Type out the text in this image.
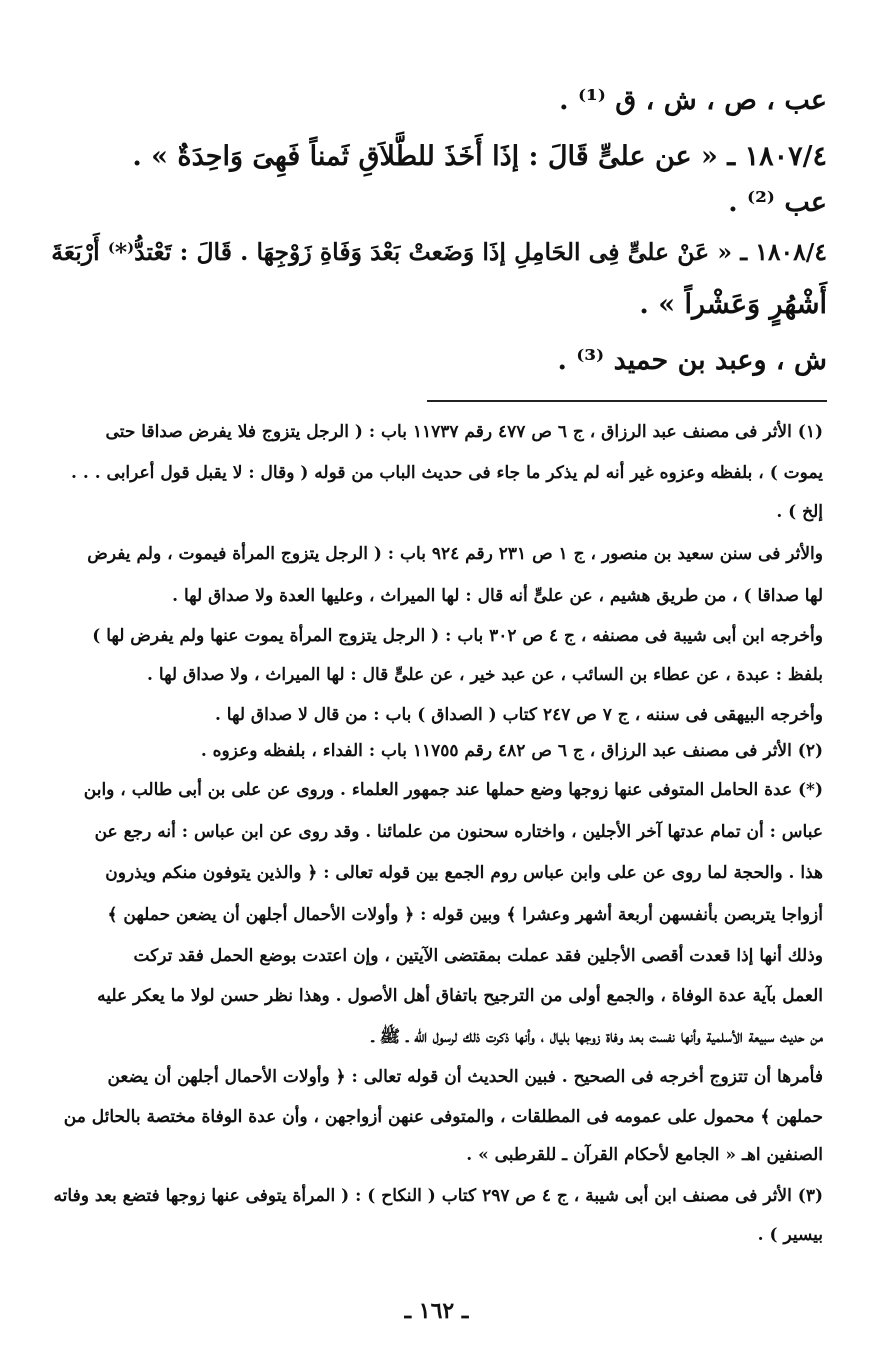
عب ، ص ، ش ، ق ⁽¹⁾ .
١٨٠٧/٤ ـ « عن علىٍّ قَالَ : إذَا أَخَذَ للطَّلاَقِ ثَمناً فَهِىَ وَاحِدَةٌ » .
عب ⁽²⁾ .
١٨٠٨/٤ ـ « عَنْ علىٍّ فِى الحَامِلِ إذَا وَضَعتْ بَعْدَ وَفَاةِ زَوْجِهَا . قَالَ : تَعْتدُّ⁽*⁾ أَرْبَعَةَ
أَشْهُرٍ وَعَشْراً » .
ش ، وعبد بن حميد ⁽³⁾ .
(١) الأثر فى مصنف عبد الرزاق ، ج ٦ ص ٤٧٧ رقم ١١٧٣٧ باب : ( الرجل يتزوج فلا يفرض صداقا حتى
يموت ) ، بلفظه وعزوه غير أنه لم يذكر ما جاء فى حديث الباب من قوله ( وقال : لا يقبل قول أعرابى . . .
إلخ ) .
والأثر فى سنن سعيد بن منصور ، ج ١ ص ٢٣١ رقم ٩٢٤ باب : ( الرجل يتزوج المرأة فيموت ، ولم يفرض
لها صداقا ) ، من طريق هشيم ، عن علىٍّ أنه قال : لها الميراث ، وعليها العدة ولا صداق لها .
وأخرجه ابن أبى شيبة فى مصنفه ، ج ٤ ص ٣٠٢ باب : ( الرجل يتزوج المرأة يموت عنها ولم يفرض لها )
بلفظ : عبدة ، عن عطاء بن السائب ، عن عبد خير ، عن علىٍّ قال : لها الميراث ، ولا صداق لها .
وأخرجه البيهقى فى سننه ، ج ٧ ص ٢٤٧ كتاب ( الصداق ) باب : من قال لا صداق لها .
(٢) الأثر فى مصنف عبد الرزاق ، ج ٦ ص ٤٨٢ رقم ١١٧٥٥ باب : الفداء ، بلفظه وعزوه .
(*) عدة الحامل المتوفى عنها زوجها وضع حملها عند جمهور العلماء . وروى عن على بن أبى طالب ، وابن
عباس : أن تمام عدتها آخر الأجلين ، واختاره سحنون من علمائنا . وقد روى عن ابن عباس : أنه رجع عن
هذا . والحجة لما روى عن على وابن عباس روم الجمع بين قوله تعالى : ﴿ والذين يتوفون منكم ويذرون
أزواجا يتربصن بأنفسهن أربعة أشهر وعشرا ﴾ وبين قوله : ﴿ وأولات الأحمال أجلهن أن يضعن حملهن ﴾
وذلك أنها إذا قعدت أقصى الأجلين فقد عملت بمقتضى الآيتين ، وإن اعتدت بوضع الحمل فقد تركت
العمل بآية عدة الوفاة ، والجمع أولى من الترجيح باتفاق أهل الأصول . وهذا نظر حسن لولا ما يعكر عليه
من حديث سبيعة الأسلمية وأنها نفست بعد وفاة زوجها بليال ، وأنها ذكرت ذلك لرسول الله ـ ﷺ ـ
فأمرها أن تتزوج أخرجه فى الصحيح . فبين الحديث أن قوله تعالى : ﴿ وأولات الأحمال أجلهن أن يضعن
حملهن ﴾ محمول على عمومه فى المطلقات ، والمتوفى عنهن أزواجهن ، وأن عدة الوفاة مختصة بالحائل من
الصنفين اهـ « الجامع لأحكام القرآن ـ للقرطبى » .
(٣) الأثر فى مصنف ابن أبى شيبة ، ج ٤ ص ٢٩٧ كتاب ( النكاح ) : ( المرأة يتوفى عنها زوجها فتضع بعد وفاته
بيسير ) .
ـ ١٦٢ ـ
